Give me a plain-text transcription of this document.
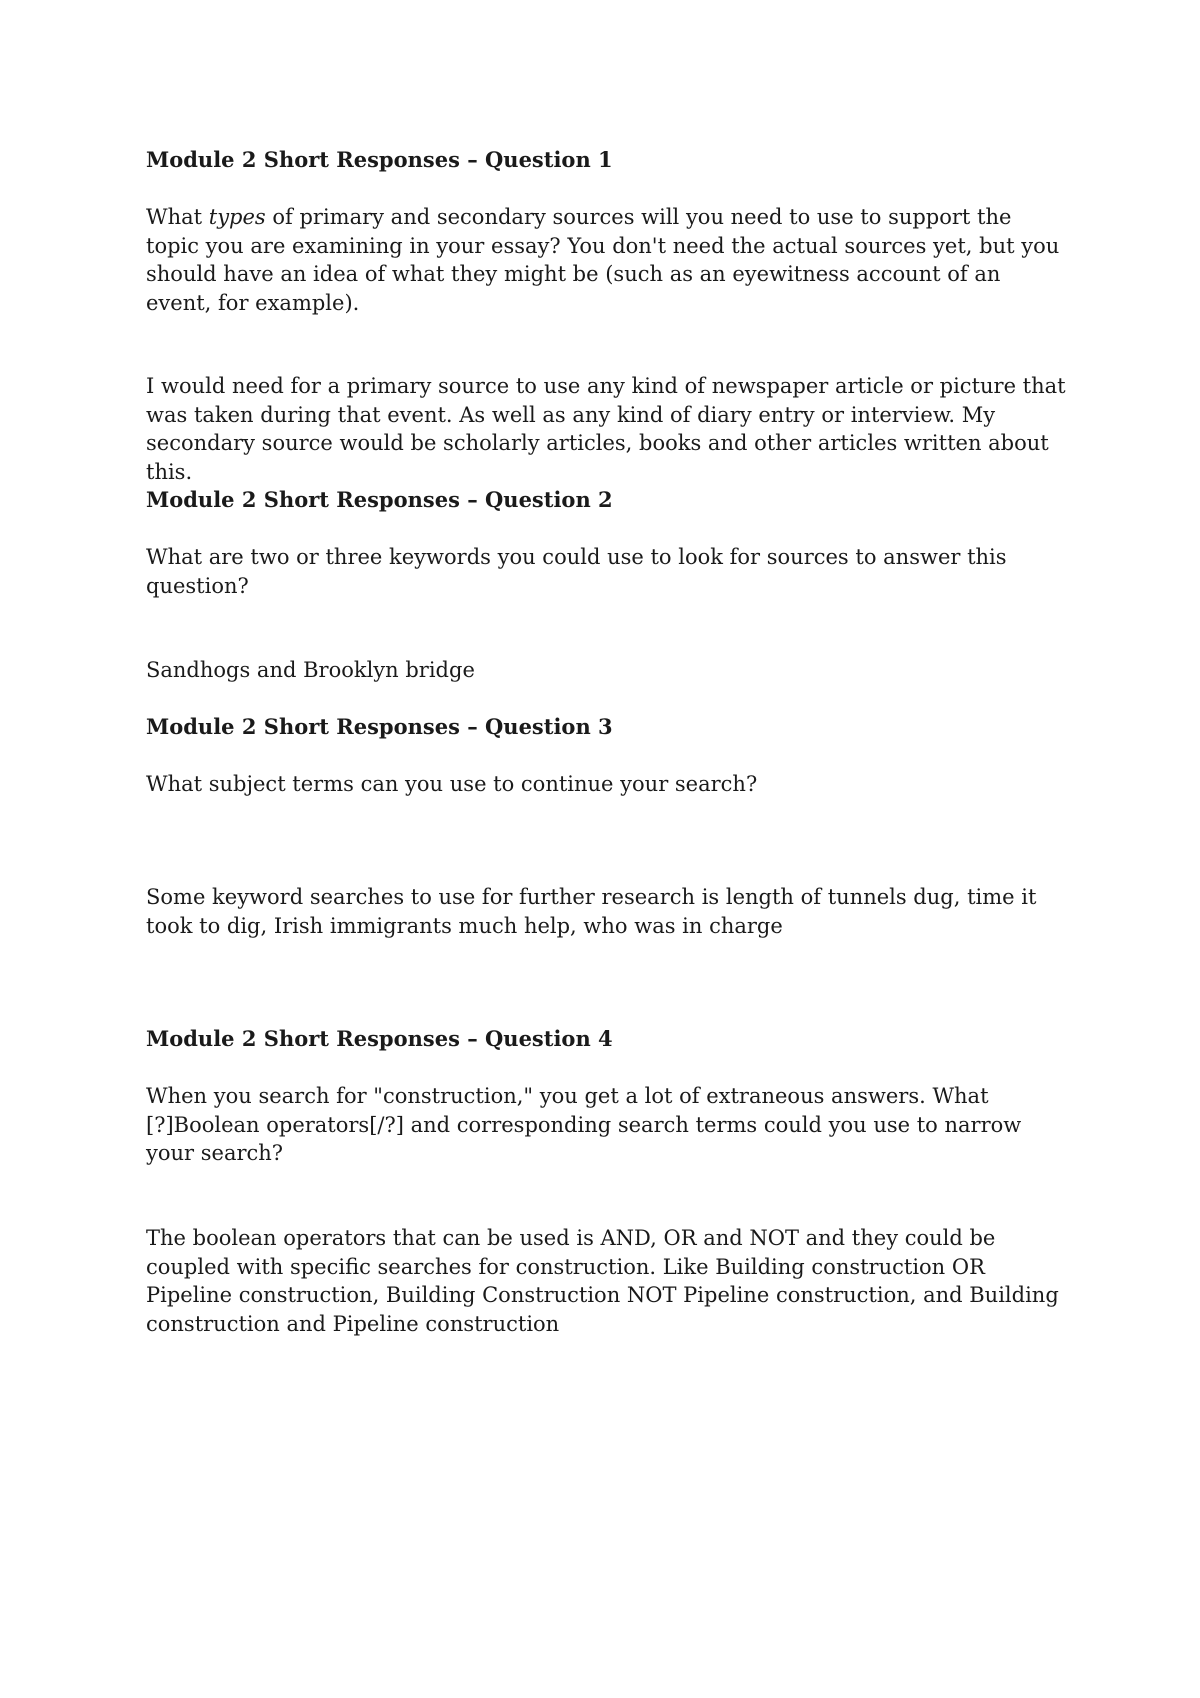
Module 2 Short Responses – Question 1

What types of primary and secondary sources will you need to use to support the topic you are examining in your essay? You don't need the actual sources yet, but you should have an idea of what they might be (such as an eyewitness account of an event, for example).

I would need for a primary source to use any kind of newspaper article or picture that was taken during that event. As well as any kind of diary entry or interview. My secondary source would be scholarly articles, books and other articles written about this.

Module 2 Short Responses – Question 2

What are two or three keywords you could use to look for sources to answer this question?

Sandhogs and Brooklyn bridge

Module 2 Short Responses – Question 3

What subject terms can you use to continue your search?

Some keyword searches to use for further research is length of tunnels dug, time it took to dig, Irish immigrants much help, who was in charge

Module 2 Short Responses – Question 4

When you search for "construction," you get a lot of extraneous answers. What [?]Boolean operators[/?] and corresponding search terms could you use to narrow your search?

The boolean operators that can be used is AND, OR and NOT and they could be coupled with specific searches for construction. Like Building construction OR Pipeline construction, Building Construction NOT Pipeline construction, and Building construction and Pipeline construction
